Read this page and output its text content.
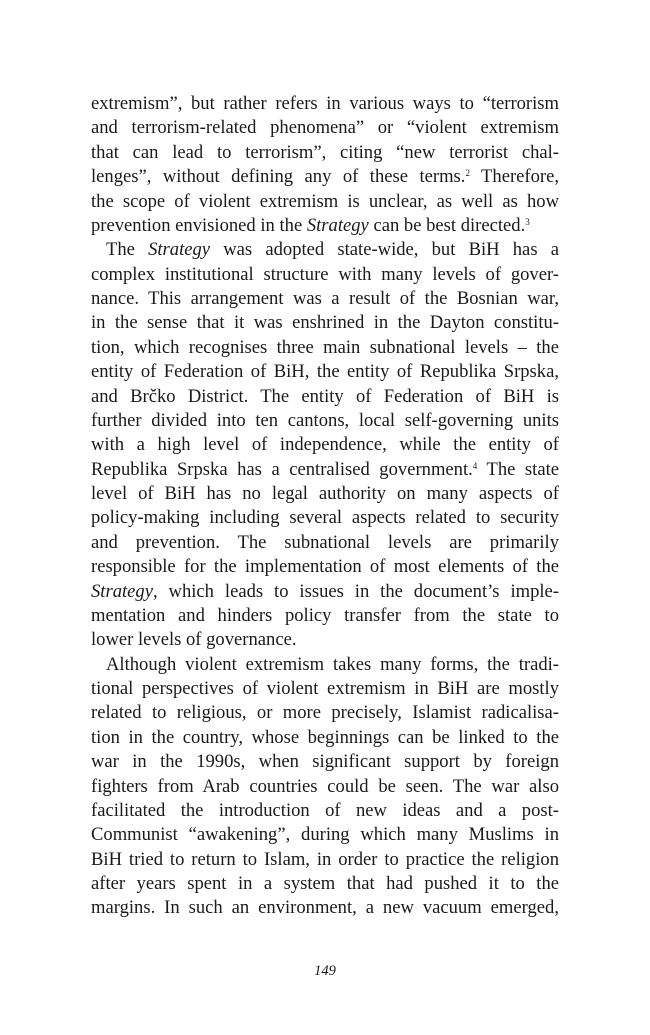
extremism”, but rather refers in various ways to “terrorism
and terrorism-related phenomena” or “violent extremism
that can lead to terrorism”, citing “new terrorist chal-
lenges”, without defining any of these terms.$^2$ Therefore,
the scope of violent extremism is unclear, as well as how
prevention envisioned in the Strategy can be best directed.$^3$
The Strategy was adopted state-wide, but BiH has a
complex institutional structure with many levels of gover-
nance. This arrangement was a result of the Bosnian war,
in the sense that it was enshrined in the Dayton constitu-
tion, which recognises three main subnational levels – the
entity of Federation of BiH, the entity of Republika Srpska,
and Brčko District. The entity of Federation of BiH is
further divided into ten cantons, local self-governing units
with a high level of independence, while the entity of
Republika Srpska has a centralised government.$^4$ The state
level of BiH has no legal authority on many aspects of
policy-making including several aspects related to security
and prevention. The subnational levels are primarily
responsible for the implementation of most elements of the
Strategy, which leads to issues in the document’s imple-
mentation and hinders policy transfer from the state to
lower levels of governance.
Although violent extremism takes many forms, the tradi-
tional perspectives of violent extremism in BiH are mostly
related to religious, or more precisely, Islamist radicalisa-
tion in the country, whose beginnings can be linked to the
war in the 1990s, when significant support by foreign
fighters from Arab countries could be seen. The war also
facilitated the introduction of new ideas and a post-
Communist “awakening”, during which many Muslims in
BiH tried to return to Islam, in order to practice the religion
after years spent in a system that had pushed it to the
margins. In such an environment, a new vacuum emerged,
149
